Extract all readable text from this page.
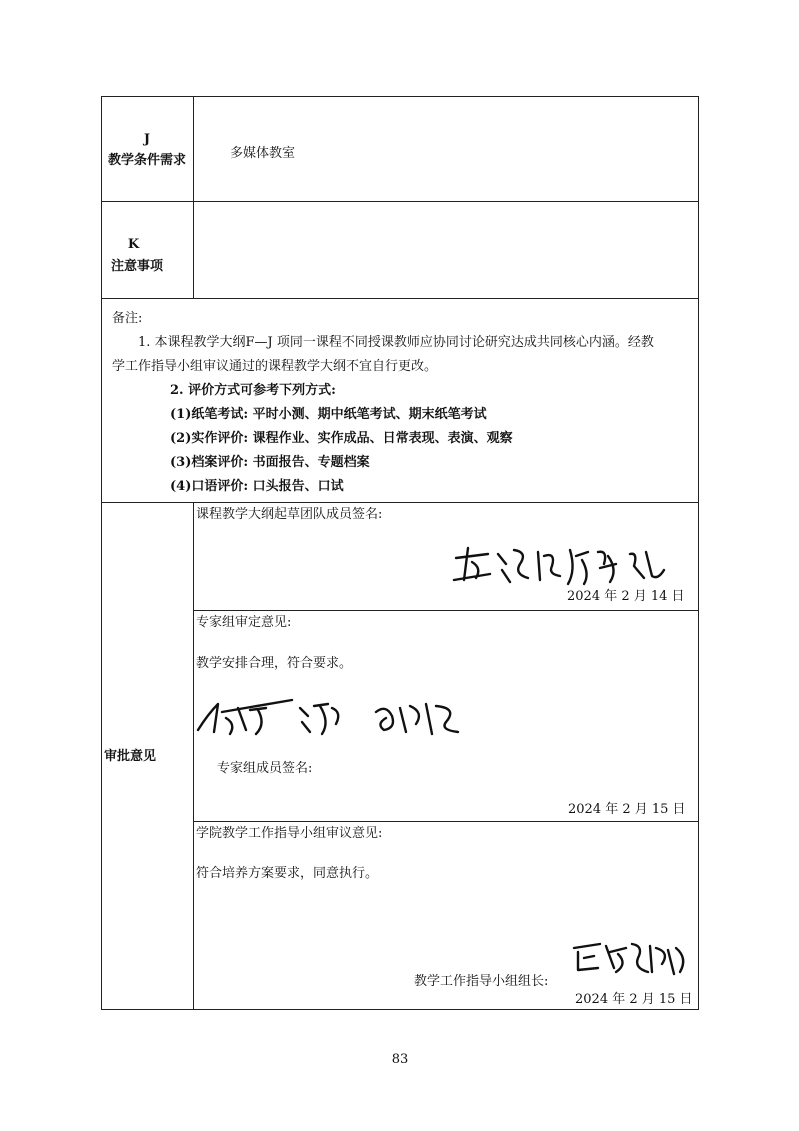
J
教学条件需求	多媒体教室
K
注意事项
备注:
1. 本课程教学大纲F—J 项同一课程不同授课教师应协同讨论研究达成共同核心内涵。经教
学工作指导小组审议通过的课程教学大纲不宜自行更改。
2. 评价方式可参考下列方式:
(1)纸笔考试: 平时小测、期中纸笔考试、期末纸笔考试
(2)实作评价: 课程作业、实作成品、日常表现、表演、观察
(3)档案评价: 书面报告、专题档案
(4)口语评价: 口头报告、口试
审批意见
课程教学大纲起草团队成员签名:
2024 年 2 月 14 日
专家组审定意见:
教学安排合理，符合要求。
专家组成员签名:
2024 年 2 月 15 日
学院教学工作指导小组审议意见:
符合培养方案要求，同意执行。
教学工作指导小组组长:
2024 年 2 月 15 日
83
